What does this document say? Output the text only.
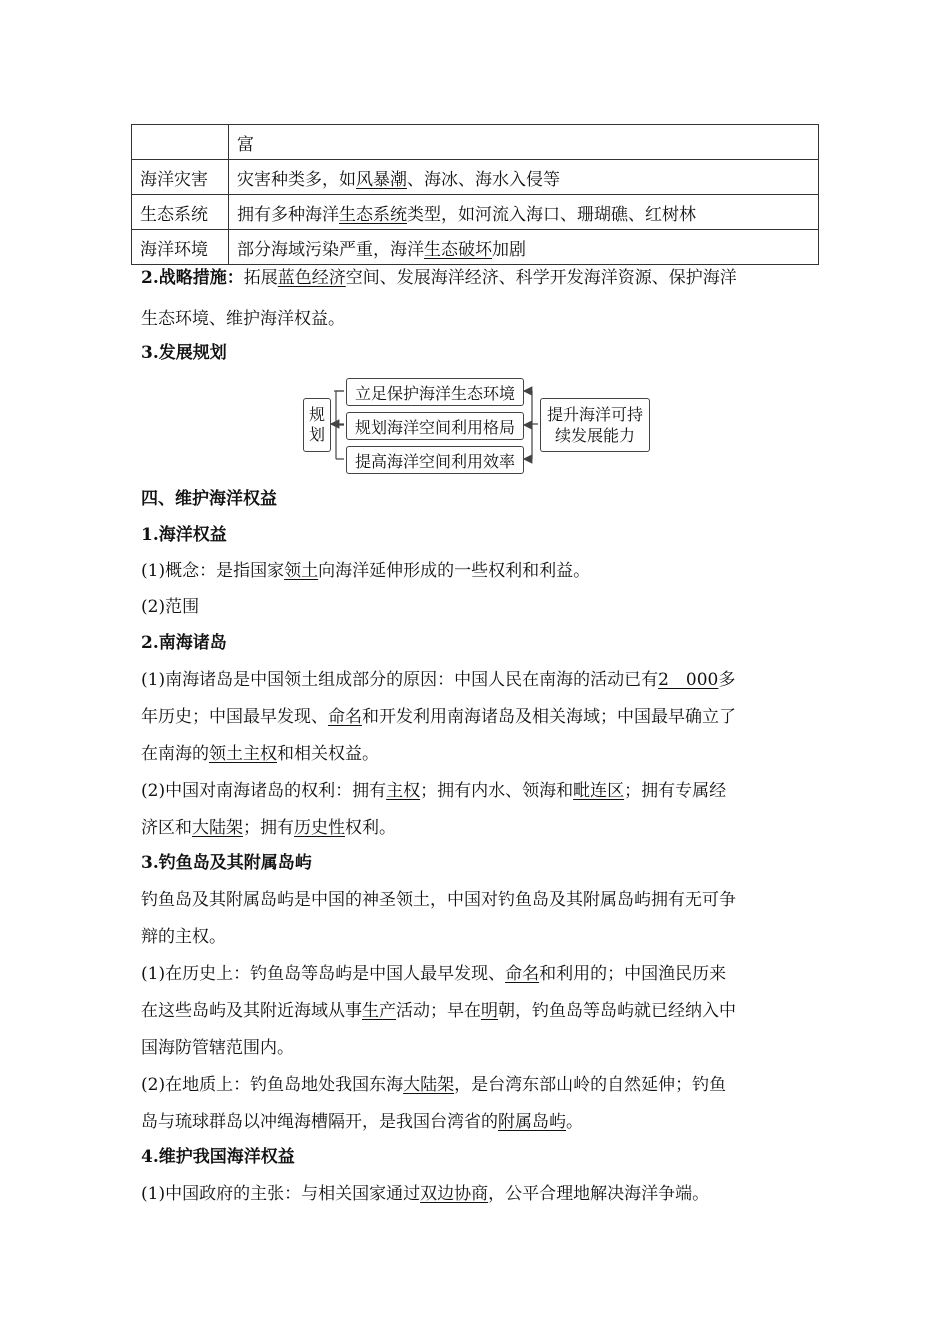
	富
海洋灾害	灾害种类多，如风暴潮、海冰、海水入侵等
生态系统	拥有多种海洋生态系统类型，如河流入海口、珊瑚礁、红树林
海洋环境	部分海域污染严重，海洋生态破坏加剧
规
划
立足保护海洋生态环境
规划海洋空间利用格局
提高海洋空间利用效率
提升海洋可持
续发展能力
2.战略措施：拓展蓝色经济空间、发展海洋经济、科学开发海洋资源、保护海洋
生态环境、维护海洋权益。
3.发展规划
四、维护海洋权益
1.海洋权益
(1)概念：是指国家领土向海洋延伸形成的一些权利和利益。
(2)范围
2.南海诸岛
(1)南海诸岛是中国领土组成部分的原因：中国人民在南海的活动已有2　000多
年历史；中国最早发现、命名和开发利用南海诸岛及相关海域；中国最早确立了
在南海的领土主权和相关权益。
(2)中国对南海诸岛的权利：拥有主权；拥有内水、领海和毗连区；拥有专属经
济区和大陆架；拥有历史性权利。
3.钓鱼岛及其附属岛屿
钓鱼岛及其附属岛屿是中国的神圣领土，中国对钓鱼岛及其附属岛屿拥有无可争
辩的主权。
(1)在历史上：钓鱼岛等岛屿是中国人最早发现、命名和利用的；中国渔民历来
在这些岛屿及其附近海域从事生产活动；早在明朝，钓鱼岛等岛屿就已经纳入中
国海防管辖范围内。
(2)在地质上：钓鱼岛地处我国东海大陆架，是台湾东部山岭的自然延伸；钓鱼
岛与琉球群岛以冲绳海槽隔开，是我国台湾省的附属岛屿。
4.维护我国海洋权益
(1)中国政府的主张：与相关国家通过双边协商，公平合理地解决海洋争端。
